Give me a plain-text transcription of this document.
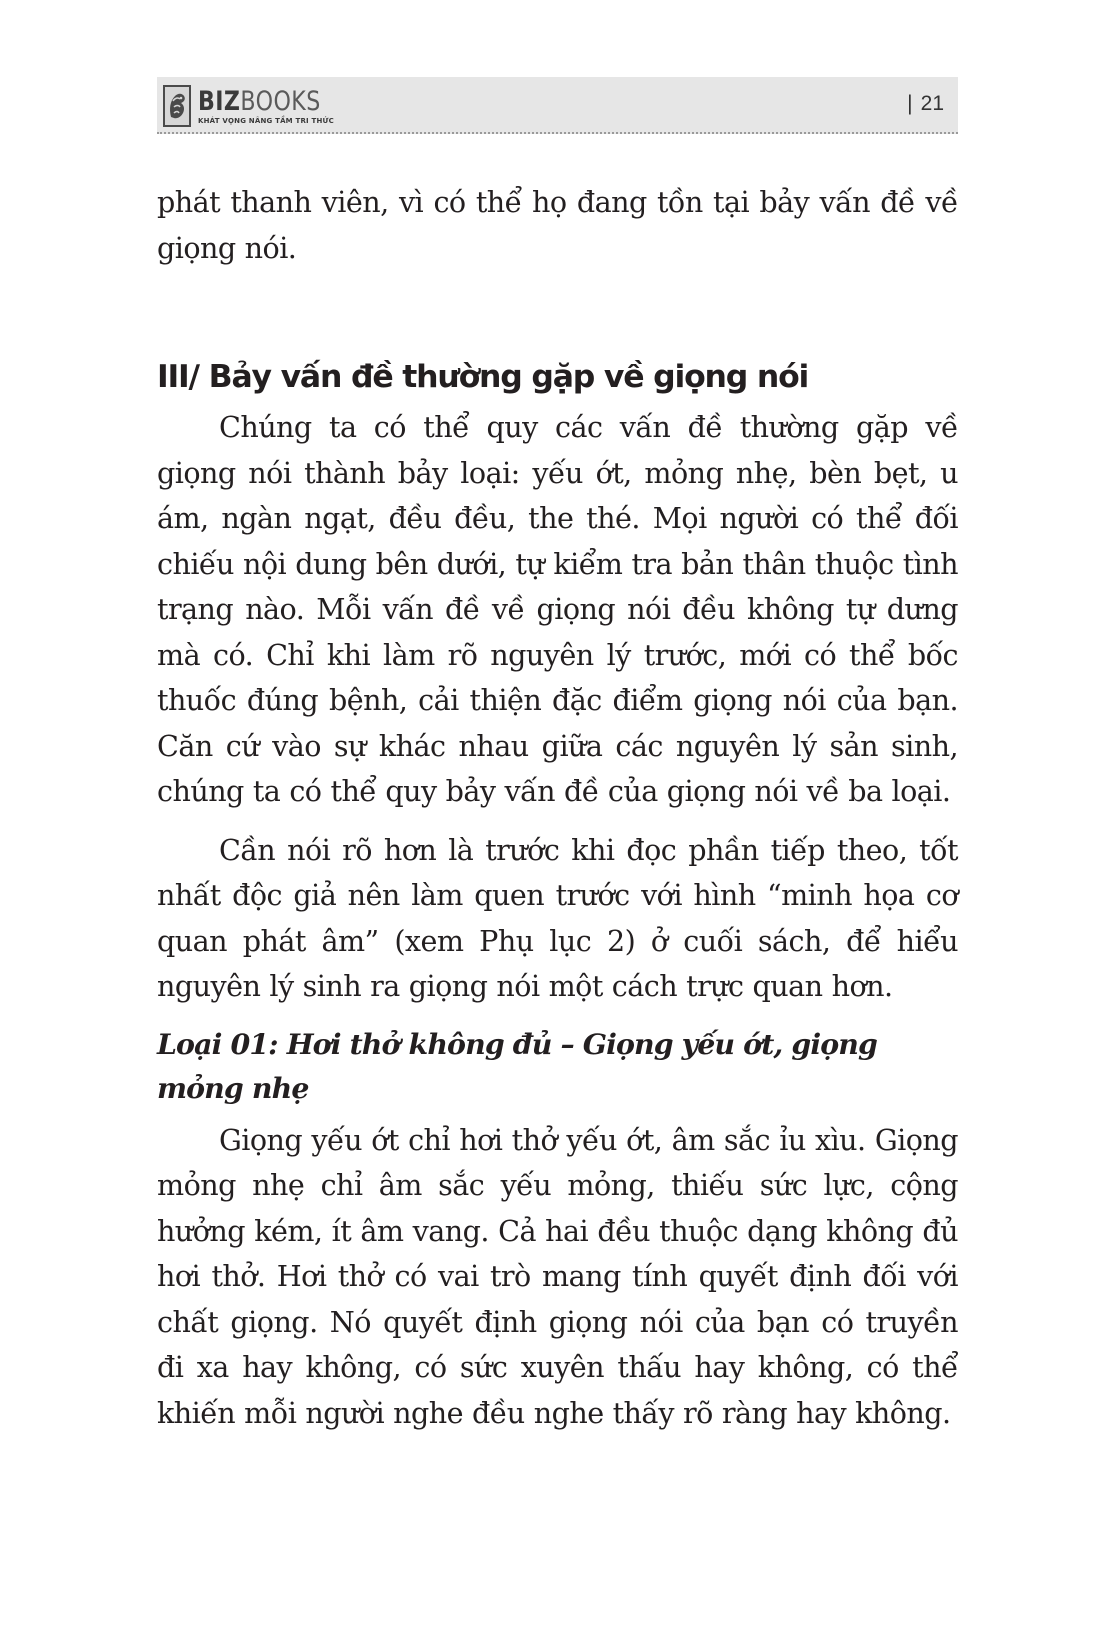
BIZBOOKS
KHÁT VỌNG NÂNG TẦM TRI THỨC
| 21

phát thanh viên, vì có thể họ đang tồn tại bảy vấn đề về giọng nói.

III/ Bảy vấn đề thường gặp về giọng nói

Chúng ta có thể quy các vấn đề thường gặp về giọng nói thành bảy loại: yếu ớt, mỏng nhẹ, bèn bẹt, u ám, ngàn ngạt, đều đều, the thé. Mọi người có thể đối chiếu nội dung bên dưới, tự kiểm tra bản thân thuộc tình trạng nào. Mỗi vấn đề về giọng nói đều không tự dưng mà có. Chỉ khi làm rõ nguyên lý trước, mới có thể bốc thuốc đúng bệnh, cải thiện đặc điểm giọng nói của bạn. Căn cứ vào sự khác nhau giữa các nguyên lý sản sinh, chúng ta có thể quy bảy vấn đề của giọng nói về ba loại.

Cần nói rõ hơn là trước khi đọc phần tiếp theo, tốt nhất độc giả nên làm quen trước với hình “minh họa cơ quan phát âm” (xem Phụ lục 2) ở cuối sách, để hiểu nguyên lý sinh ra giọng nói một cách trực quan hơn.

Loại 01: Hơi thở không đủ – Giọng yếu ớt, giọng mỏng nhẹ

Giọng yếu ớt chỉ hơi thở yếu ớt, âm sắc ỉu xìu. Giọng mỏng nhẹ chỉ âm sắc yếu mỏng, thiếu sức lực, cộng hưởng kém, ít âm vang. Cả hai đều thuộc dạng không đủ hơi thở. Hơi thở có vai trò mang tính quyết định đối với chất giọng. Nó quyết định giọng nói của bạn có truyền đi xa hay không, có sức xuyên thấu hay không, có thể khiến mỗi người nghe đều nghe thấy rõ ràng hay không.
